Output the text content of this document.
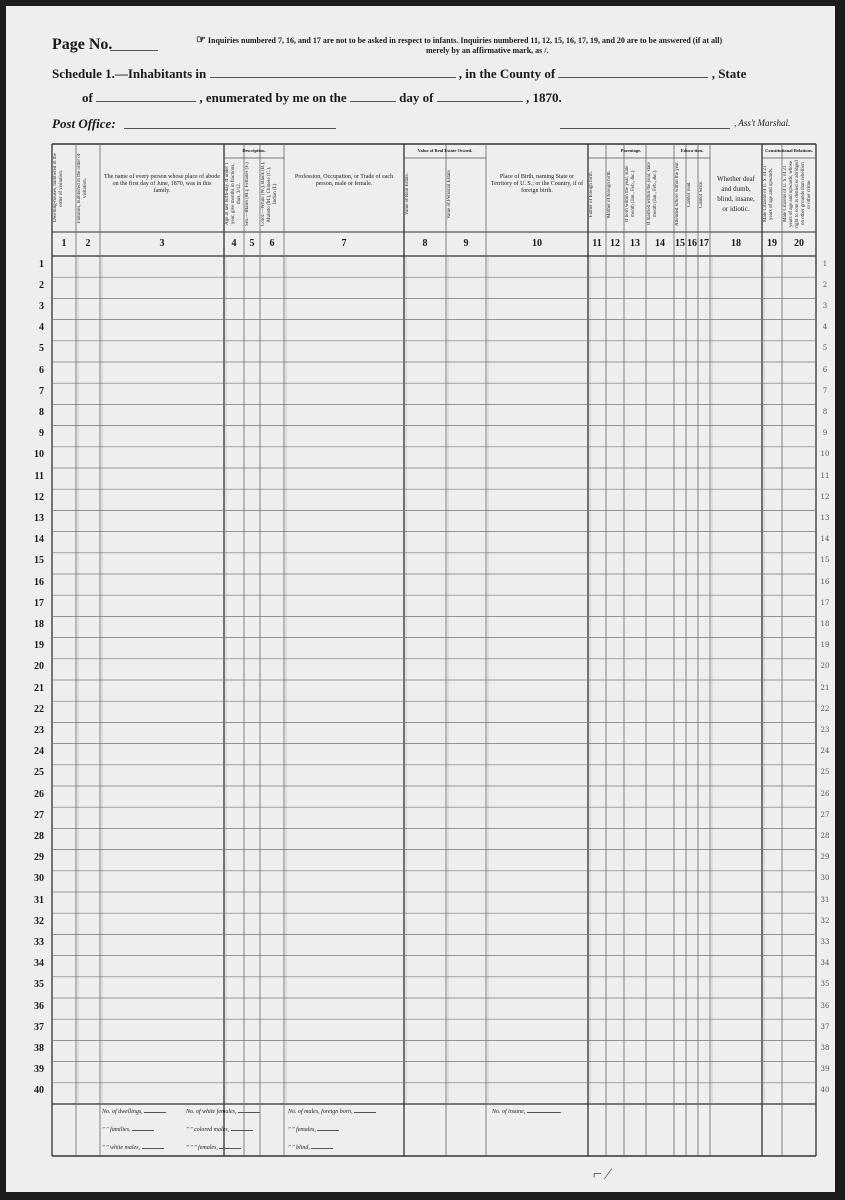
Page No.	☞ Inquiries numbered 7, 16, and 17 are not to be asked in respect to infants. Inquiries numbered 11, 12, 15, 16, 17, 19, and 20 are to be answered (if at all)
merely by an affirmative mark, as /.
Schedule 1.—Inhabitants in	, in the County of	, State
of	, enumerated by me on the	day of	, 1870.
Post Office:	, Ass't Marshal.
Description.	Value of Real Estate Owned.	Parentage.	Educa-tion.	Constitutional Relations.
Dwelling-houses, numbered in the order of visitation.	Families, numbered in the order of visitation.
The name of every person whose place of abode on the first day of June, 1870, was in this family.	Age at last birth-day. If under 1 year, give months in fractions, thus, 3/12. Sex.—Males (M.), Females (F.)	Color.—White (W.), Black (B.), Mulatto (M.), Chinese (C.), Indian (I.)
Profession, Occupation, or Trade of each person, male or female.	Value of Real Estate.	Value of Personal Estate.	Place of Birth, naming State or Territory of U. S.; or the Country, if of foreign birth.	Father of foreign birth.	Mother of foreign birth.	If born within the year, state month (Jan., Feb., &c.)	If married within the year, state month (Jan., Feb., &c.)	Attended school within the year.	Cannot read.	Cannot write.
Whether deaf and dumb, blind, insane, or idiotic.	Male Citizens of U. S. of 21 years of age and upwards.	Male Citizens of U. S. of 21 years of age and upwards, whose right to vote is denied or abridged on other grounds than rebellion or other crime.
1	2	3	4	5	6	7	8	9	10	11 12	13	14	15 16 17	18	19	20
1	1
2	2
3	3
4	4
5	5
6	6
7	7
8	8
9	9
10	10
11	11
12	12
13	13
14	14
15	15
16	16
17	17
18	18
19	19
20	20
21	21
22	22
23	23
24	24
25	25
26	26
27	27
28	28
29	29
30	30
31	31
32	32
33	33
34	34
35	35
36	36
37	37
38	38
39	39
40	40
No. of dwellings,	No. of white females,	No. of males, foreign born,	No. of insane,
" " families,	" " colored males,	" " females,
" " white males,	" " " females,	" " blind,
⌐ ⁄
